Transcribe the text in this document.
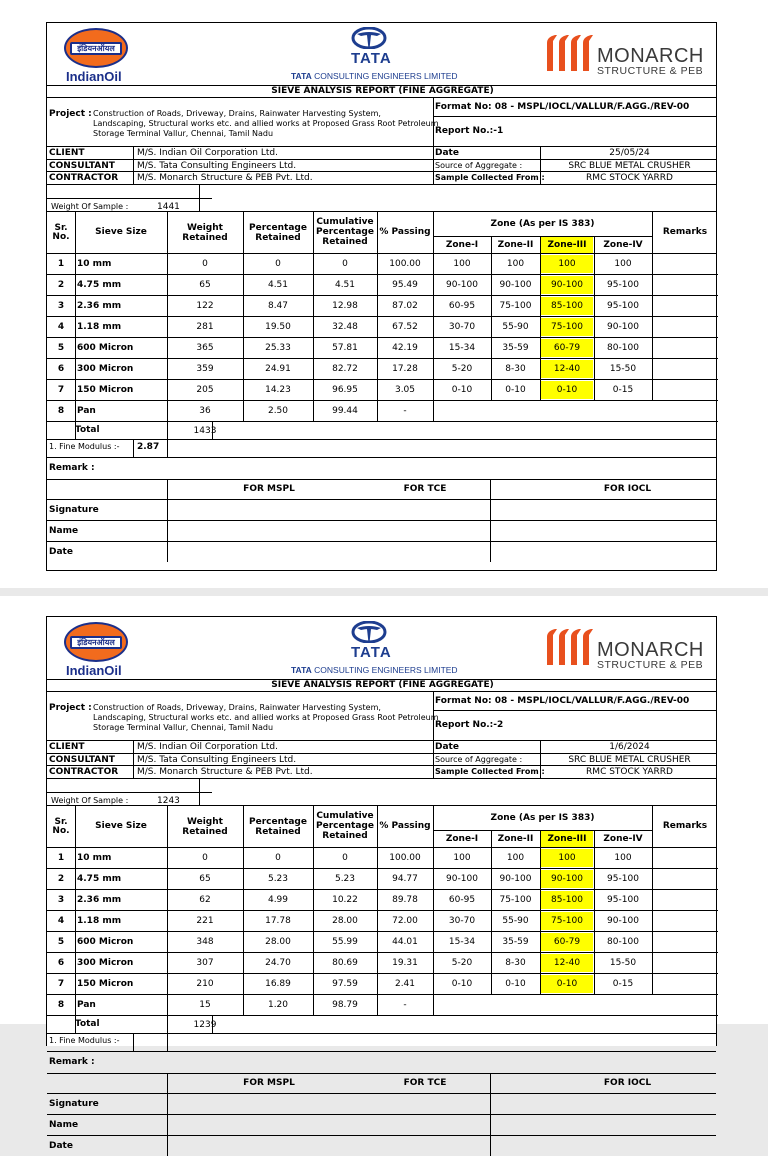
इंडियनऑयल
IndianOil
TATA
TATA CONSULTING ENGINEERS LIMITED
MONARCH
STRUCTURE & PEB
SIEVE ANALYSIS REPORT (FINE AGGREGATE)
Project : Construction of Roads, Driveway, Drains, Rainwater Harvesting System,
Landscaping, Structural works etc. and allied works at Proposed Grass Root Petroleum
Storage Terminal Vallur, Chennai, Tamil Nadu
Format No: 08 - MSPL/IOCL/VALLUR/F.AGG./REV-00
Report No.:-1
CLIENT	M/S. Indian Oil Corporation Ltd.
CONSULTANT M/S. Tata Consulting Engineers Ltd.
CONTRACTOR M/S. Monarch Structure & PEB Pvt. Ltd.
Date	25/05/24
Source of Aggregate :	SRC BLUE METAL CRUSHER
Sample Collected From :	RMC STOCK YARRD
Weight Of Sample :	1441
Sr.
No.	Sieve Size	Weight
Retained
Percentage
Retained
Cumulative
Percentage
Retained
% Passing
Zone (As per IS 383)
Remarks
Zone-I	Zone-II	Zone-III	Zone-IV
1	10 mm	0	0	0	100.00	100	100	100	100
2	4.75 mm	65	4.51	4.51	95.49	90-100	90-100	90-100	95-100
3	2.36 mm	122	8.47	12.98	87.02	60-95	75-100	85-100	95-100
4	1.18 mm	281	19.50	32.48	67.52	30-70	55-90	75-100	90-100
5	600 Micron	365	25.33	57.81	42.19	15-34	35-59	60-79	80-100
6	300 Micron	359	24.91	82.72	17.28	5-20	8-30	12-40	15-50
7	150 Micron	205	14.23	96.95	3.05	0-10	0-10	0-10	0-15
8	Pan	36	2.50	99.44	-
Total	1433
1. Fine Modulus :- 2.87
Remark :
FOR MSPL	FOR TCE	FOR IOCL
Signature
Name
Date
इंडियनऑयल
IndianOil
TATA
TATA CONSULTING ENGINEERS LIMITED
MONARCH
STRUCTURE & PEB
SIEVE ANALYSIS REPORT (FINE AGGREGATE)
Project : Construction of Roads, Driveway, Drains, Rainwater Harvesting System,
Landscaping, Structural works etc. and allied works at Proposed Grass Root Petroleum
Storage Terminal Vallur, Chennai, Tamil Nadu
Format No: 08 - MSPL/IOCL/VALLUR/F.AGG./REV-00
Report No.:-2
CLIENT	M/S. Indian Oil Corporation Ltd.
CONSULTANT M/S. Tata Consulting Engineers Ltd.
CONTRACTOR M/S. Monarch Structure & PEB Pvt. Ltd.
Date	1/6/2024
Source of Aggregate :	SRC BLUE METAL CRUSHER
Sample Collected From :	RMC STOCK YARRD
Weight Of Sample :	1243
Sr.
No.	Sieve Size	Weight
Retained
Percentage
Retained
Cumulative
Percentage
Retained
% Passing
Zone (As per IS 383)
Remarks
Zone-I	Zone-II	Zone-III	Zone-IV
1	10 mm	0	0	0	100.00	100	100	100	100
2	4.75 mm	65	5.23	5.23	94.77	90-100	90-100	90-100	95-100
3	2.36 mm	62	4.99	10.22	89.78	60-95	75-100	85-100	95-100
4	1.18 mm	221	17.78	28.00	72.00	30-70	55-90	75-100	90-100
5	600 Micron	348	28.00	55.99	44.01	15-34	35-59	60-79	80-100
6	300 Micron	307	24.70	80.69	19.31	5-20	8-30	12-40	15-50
7	150 Micron	210	16.89	97.59	2.41	0-10	0-10	0-10	0-15
8	Pan	15	1.20	98.79	-
Total	1239
1. Fine Modulus :-
Remark :
FOR MSPL	FOR TCE	FOR IOCL
Signature
Name
Date
